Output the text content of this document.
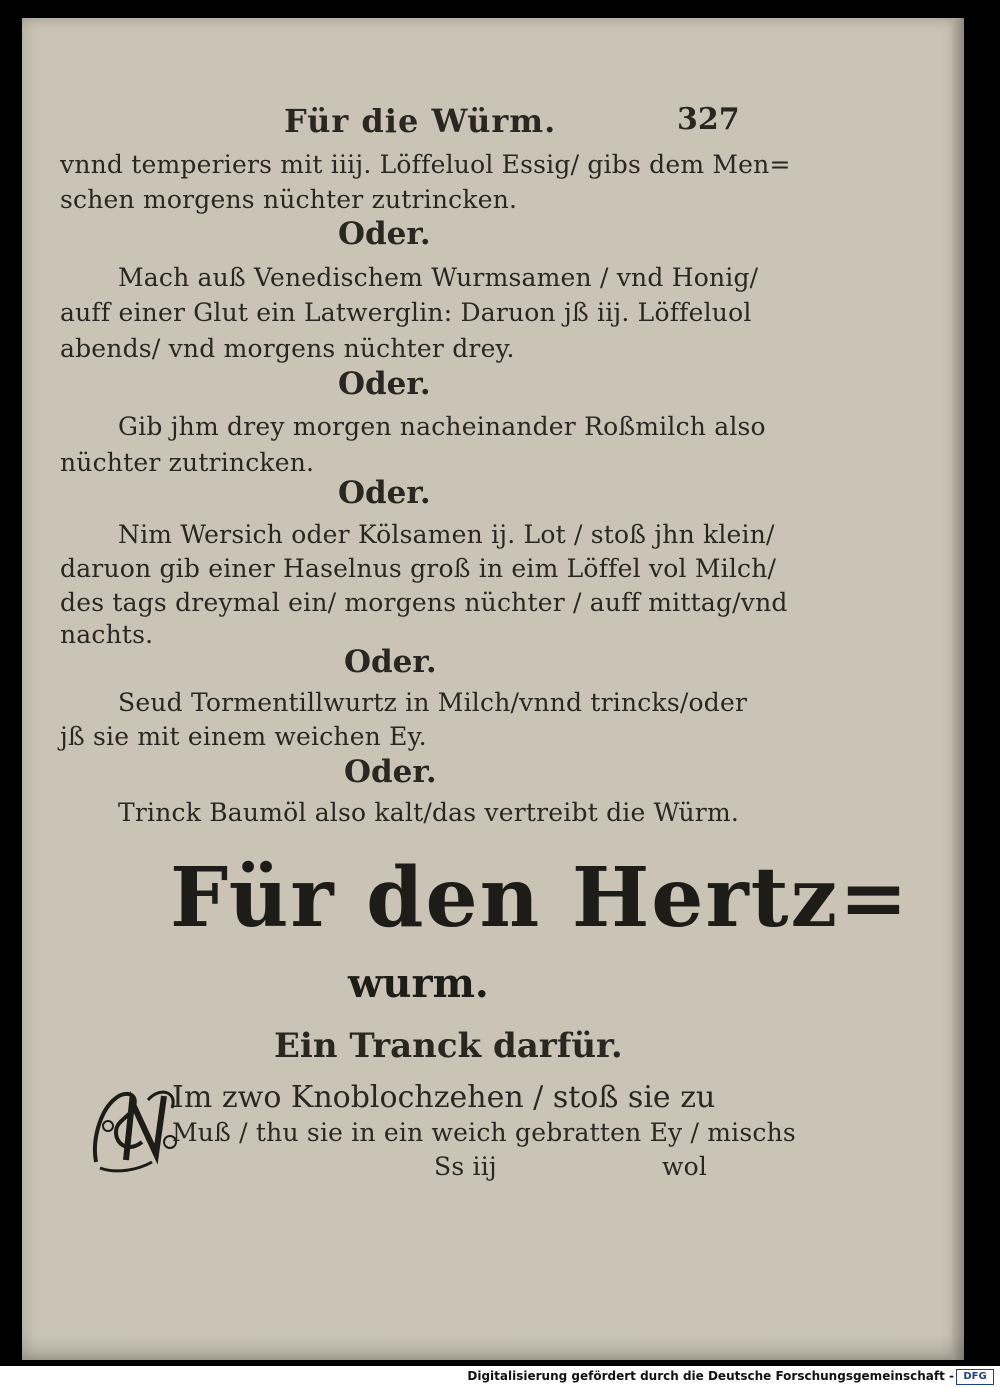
Für die Würm.	327
vnnd temperiers mit iiij. Löffeluol Essig/ gibs dem Men=
schen morgens nüchter zutrincken.
Oder.
Mach auß Venedischem Wurmsamen / vnd Honig/
auff einer Glut ein Latwerglin: Daruon jß iij. Löffeluol
abends/ vnd morgens nüchter drey.
Oder.
Gib jhm drey morgen nacheinander Roßmilch also
nüchter zutrincken.
Oder.
Nim Wersich oder Kölsamen ij. Lot / stoß jhn klein/
daruon gib einer Haselnus groß in eim Löffel vol Milch/
des tags dreymal ein/ morgens nüchter / auff mittag/vnd
nachts.
Oder.
Seud Tormentillwurtz in Milch/vnnd trincks/oder
jß sie mit einem weichen Ey.
Oder.
Trinck Baumöl also kalt/das vertreibt die Würm.
Für den Hertz=
wurm.
Ein Tranck darfür.
Im zwo Knoblochzehen / stoß sie zu
Muß / thu sie in ein weich gebratten Ey / mischs
Ss iij	wol
Digitalisierung gefördert durch die Deutsche Forschungsgemeinschaft - DFG
